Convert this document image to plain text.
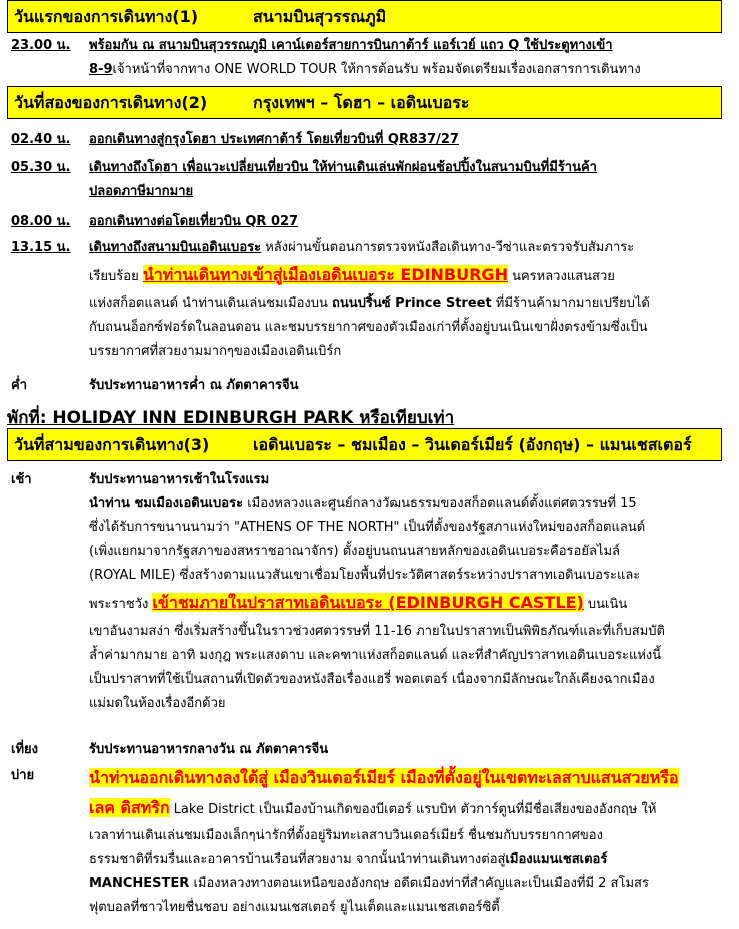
วันแรกของการเดินทาง(1)	สนามบินสุวรรณภูมิ
23.00 น.	พร้อมกัน ณ สนามบินสุวรรณภูมิ เคาน์เตอร์สายการบินกาต้าร์ แอร์เวย์ แถว Q ใช้ประตูทางเข้า
8-9เจ้าหน้าที่จากทาง ONE WORLD TOUR ให้การต้อนรับ พร้อมจัดเตรียมเรื่องเอกสารการเดินทาง
วันที่สองของการเดินทาง(2)	กรุงเทพฯ – โดฮา – เอดินเบอระ
02.40 น.	ออกเดินทางสู่กรุงโดฮา ประเทศกาต้าร์ โดยเที่ยวบินที่ QR837/27
05.30 น.	เดินทางถึงโดฮา เพื่อแวะเปลี่ยนเที่ยวบิน ให้ท่านเดินเล่นพักผ่อนช้อปปิ้งในสนามบินที่มีร้านค้า
ปลอดภาษีมากมาย
08.00 น.	ออกเดินทางต่อโดยเที่ยวบิน QR 027
13.15 น.	เดินทางถึงสนามบินเอดินเบอระ หลังผ่านขั้นตอนการตรวจหนังสือเดินทาง-วีซ่าและตรวจรับสัมภาระ
เรียบร้อย นำท่านเดินทางเข้าสู่เมืองเอดินเบอระ EDINBURGH นครหลวงแสนสวย
แห่งสก็อตแลนด์ นำท่านเดินเล่นชมเมืองบน ถนนปริ้นซ์ Prince Street ที่มีร้านค้ามากมายเปรียบได้
กับถนนอ็อกซ์ฟอร์ดในลอนดอน และชมบรรยากาศของตัวเมืองเก่าที่ตั้งอยู่บนเนินเขาฝั่งตรงข้ามซึ่งเป็น
บรรยากาศที่สวยงามมากๆของเมืองเอดินเบิร์ก
ค่ำ	รับประทานอาหารค่ำ ณ ภัตตาคารจีน
พักที่: HOLIDAY INN EDINBURGH PARK หรือเทียบเท่า
วันที่สามของการเดินทาง(3)	เอดินเบอระ – ชมเมือง – วินเดอร์เมียร์ (อังกฤษ) – แมนเชสเตอร์
เช้า	รับประทานอาหารเช้าในโรงแรม
นำท่าน ชมเมืองเอดินเบอระ เมืองหลวงและศูนย์กลางวัฒนธรรมของสก็อตแลนด์ตั้งแต่ศตวรรษที่ 15
ซึ่งได้รับการขนานนามว่า "ATHENS OF THE NORTH" เป็นที่ตั้งของรัฐสภาแห่งใหม่ของสก็อตแลนด์
(เพิ่งแยกมาจากรัฐสภาของสหราชอาณาจักร) ตั้งอยู่บนถนนสายหลักของเอดินเบอระคือรอยัลไมล์
(ROYAL MILE) ซึ่งสร้างตามแนวสันเขาเชื่อมโยงพื้นที่ประวัติศาสตร์ระหว่างปราสาทเอดินเบอระและ
พระราชวัง เข้าชมภายในปราสาทเอดินเบอระ (EDINBURGH CASTLE) บนเนิน
เขาอันงามสง่า ซึ่งเริ่มสร้างขึ้นในราวช่วงศตวรรษที่ 11-16 ภายในปราสาทเป็นพิพิธภัณฑ์และที่เก็บสมบัติ
ล้ำค่ามากมาย อาทิ มงกุฎ พระแสงดาบ และคฑาแห่งสก็อตแลนด์ และที่สำคัญปราสาทเอดินเบอระแห่งนี้
เป็นปราสาทที่ใช้เป็นสถานที่เปิดตัวของหนังสือเรื่องแฮรี่ พอตเตอร์ เนื่องจากมีลักษณะใกล้เคียงฉากเมือง
แม่มดในห้องเรื่องอีกด้วย
เที่ยง	รับประทานอาหารกลางวัน ณ ภัตตาคารจีน
บ่าย	นำท่านออกเดินทางลงใต้สู่ เมืองวินเดอร์เมียร์ เมืองที่ตั้งอยู่ในเขตทะเลสาบแสนสวยหรือ
เลค ดิสทริก Lake District เป็นเมืองบ้านเกิดของบีเตอร์ แรบบิท ตัวการ์ตูนที่มีชื่อเสียงของอังกฤษ ให้
เวลาท่านเดินเล่นชมเมืองเล็กๆน่ารักที่ตั้งอยู่ริมทะเลสาบวินเดอร์เมียร์ ชื่นชมกับบรรยากาศของ
ธรรมชาติที่รมรื่นและอาคารบ้านเรือนที่สวยงาม จากนั้นนำท่านเดินทางต่อสู่เมืองแมนเชสเตอร์
MANCHESTER เมืองหลวงทางตอนเหนือของอังกฤษ อดีตเมืองท่าที่สำคัญและเป็นเมืองที่มี 2 สโมสร
ฟุตบอลที่ชาวไทยชื่นชอบ อย่างแมนเชสเตอร์ ยูไนเต็ดและแมนเชสเตอร์ซิตี้
